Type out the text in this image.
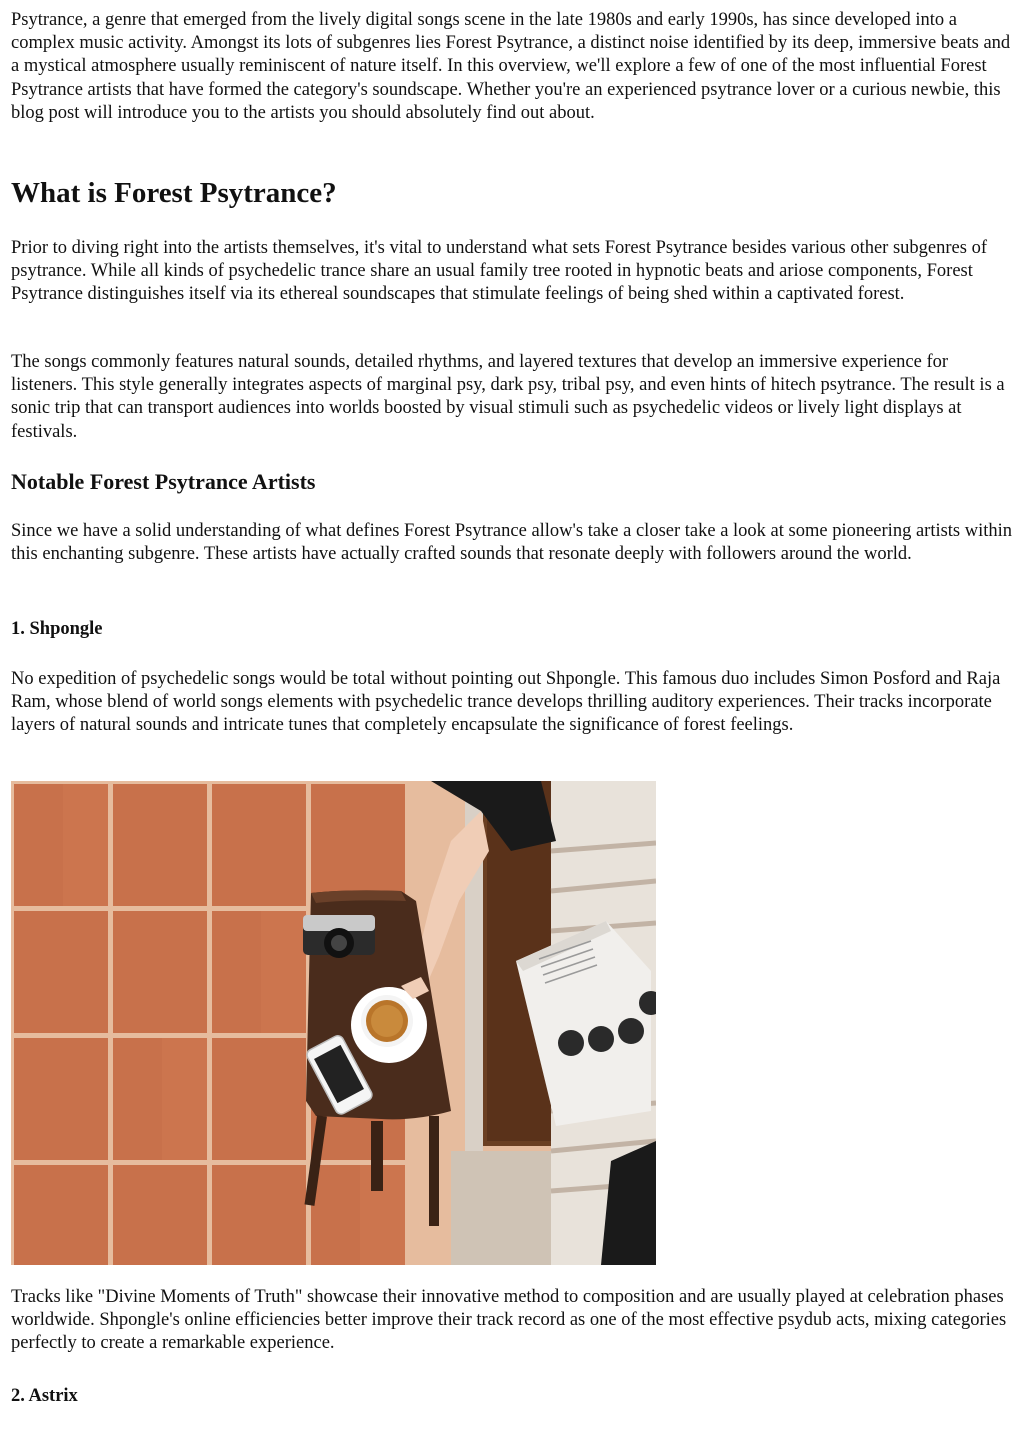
Psytrance, a genre that emerged from the lively digital songs scene in the late 1980s and early 1990s, has since developed into a complex music activity. Amongst its lots of subgenres lies Forest Psytrance, a distinct noise identified by its deep, immersive beats and a mystical atmosphere usually reminiscent of nature itself. In this overview, we'll explore a few of one of the most influential Forest Psytrance artists that have formed the category's soundscape. Whether you're an experienced psytrance lover or a curious newbie, this blog post will introduce you to the artists you should absolutely find out about.

What is Forest Psytrance?

Prior to diving right into the artists themselves, it's vital to understand what sets Forest Psytrance besides various other subgenres of psytrance. While all kinds of psychedelic trance share an usual family tree rooted in hypnotic beats and ariose components, Forest Psytrance distinguishes itself via its ethereal soundscapes that stimulate feelings of being shed within a captivated forest.

The songs commonly features natural sounds, detailed rhythms, and layered textures that develop an immersive experience for listeners. This style generally integrates aspects of marginal psy, dark psy, tribal psy, and even hints of hitech psytrance. The result is a sonic trip that can transport audiences into worlds boosted by visual stimuli such as psychedelic videos or lively light displays at festivals.

Notable Forest Psytrance Artists

Since we have a solid understanding of what defines Forest Psytrance allow's take a closer take a look at some pioneering artists within this enchanting subgenre. These artists have actually crafted sounds that resonate deeply with followers around the world.

1. Shpongle

No expedition of psychedelic songs would be total without pointing out Shpongle. This famous duo includes Simon Posford and Raja Ram, whose blend of world songs elements with psychedelic trance develops thrilling auditory experiences. Their tracks incorporate layers of natural sounds and intricate tunes that completely encapsulate the significance of forest feelings.

Tracks like "Divine Moments of Truth" showcase their innovative method to composition and are usually played at celebration phases worldwide. Shpongle's online efficiencies better improve their track record as one of the most effective psydub acts, mixing categories perfectly to create a remarkable experience.

2. Astrix
